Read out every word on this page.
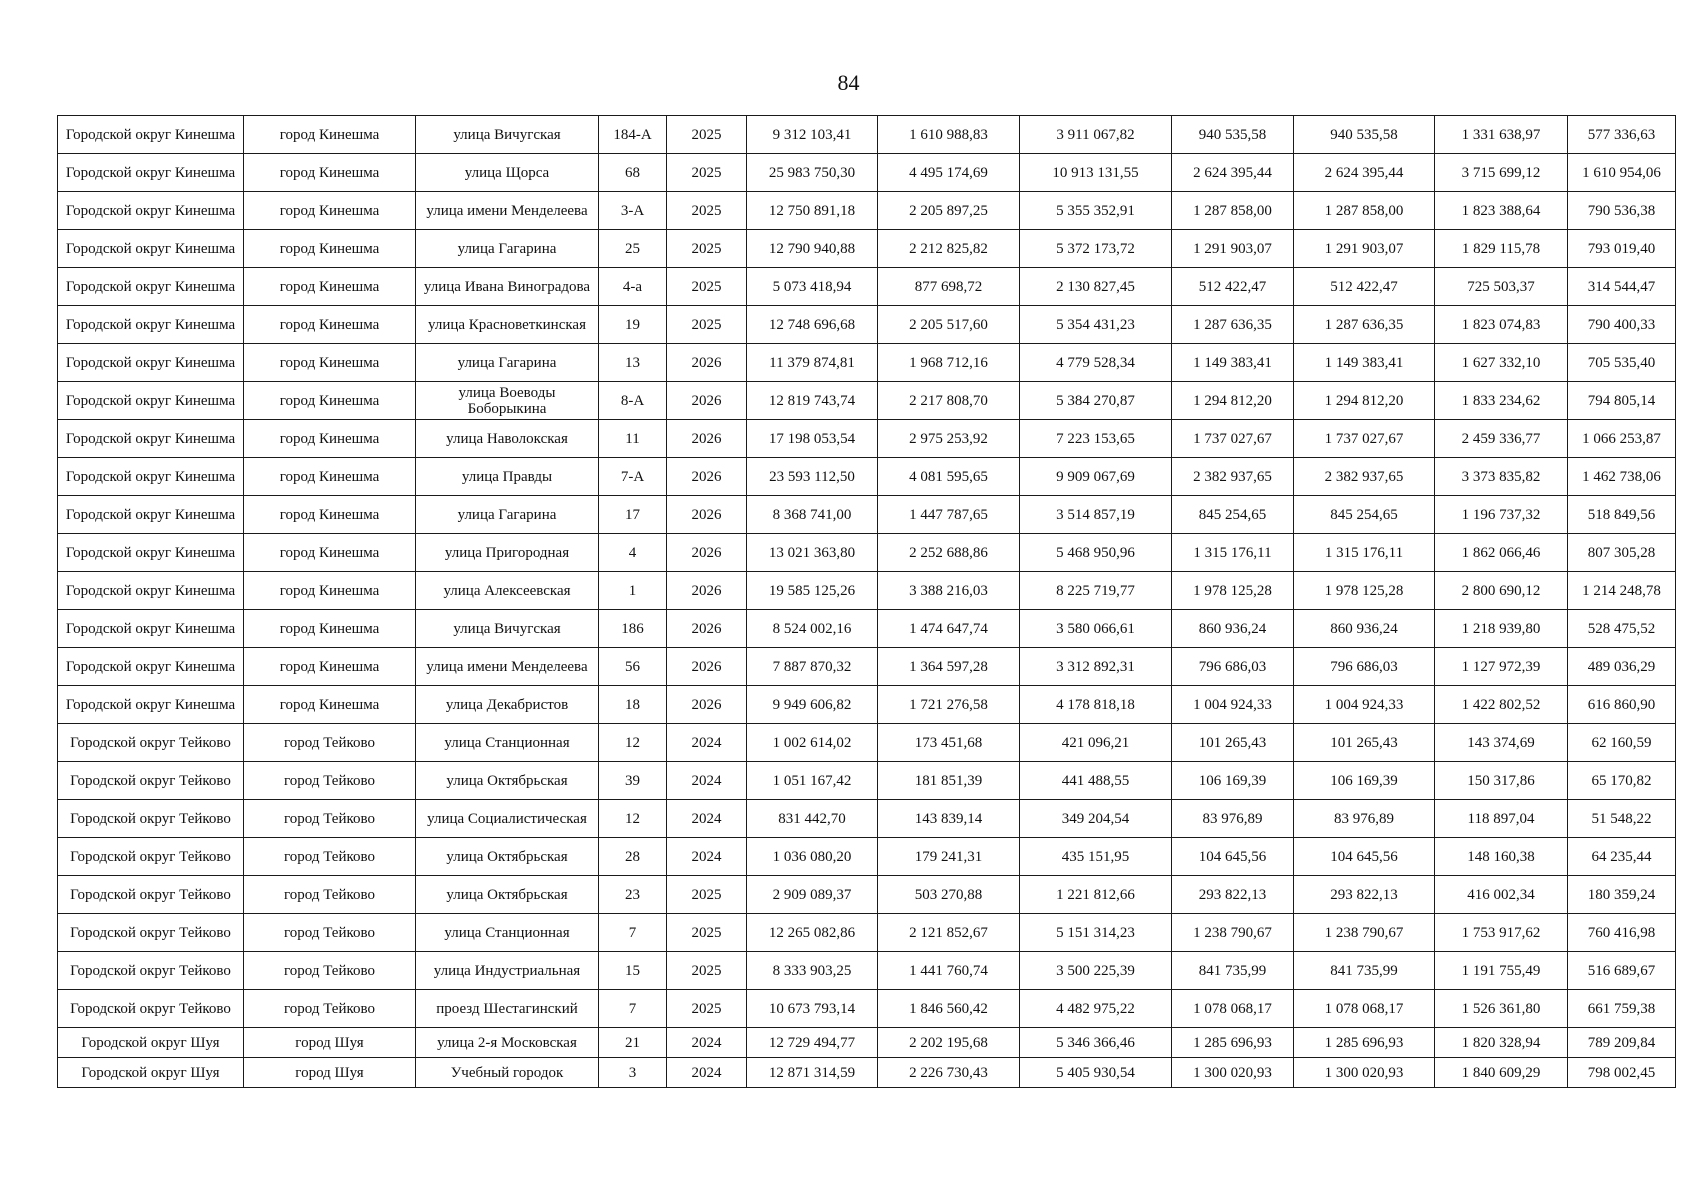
84
Городской округ Кинешма	город Кинешма	улица Вичугская	184-А	2025	9 312 103,41	1 610 988,83	3 911 067,82	940 535,58	940 535,58	1 331 638,97	577 336,63
Городской округ Кинешма	город Кинешма	улица Щорса	68	2025	25 983 750,30	4 495 174,69	10 913 131,55	2 624 395,44	2 624 395,44	3 715 699,12	1 610 954,06
Городской округ Кинешма	город Кинешма	улица имени Менделеева	3-А	2025	12 750 891,18	2 205 897,25	5 355 352,91	1 287 858,00	1 287 858,00	1 823 388,64	790 536,38
Городской округ Кинешма	город Кинешма	улица Гагарина	25	2025	12 790 940,88	2 212 825,82	5 372 173,72	1 291 903,07	1 291 903,07	1 829 115,78	793 019,40
Городской округ Кинешма	город Кинешма	улица Ивана Виноградова	4-а	2025	5 073 418,94	877 698,72	2 130 827,45	512 422,47	512 422,47	725 503,37	314 544,47
Городской округ Кинешма	город Кинешма	улица Красноветкинская	19	2025	12 748 696,68	2 205 517,60	5 354 431,23	1 287 636,35	1 287 636,35	1 823 074,83	790 400,33
Городской округ Кинешма	город Кинешма	улица Гагарина	13	2026	11 379 874,81	1 968 712,16	4 779 528,34	1 149 383,41	1 149 383,41	1 627 332,10	705 535,40
Городской округ Кинешма	город Кинешма	улица Воеводы Боборыкина	8-А	2026	12 819 743,74	2 217 808,70	5 384 270,87	1 294 812,20	1 294 812,20	1 833 234,62	794 805,14
Городской округ Кинешма	город Кинешма	улица Наволокская	11	2026	17 198 053,54	2 975 253,92	7 223 153,65	1 737 027,67	1 737 027,67	2 459 336,77	1 066 253,87
Городской округ Кинешма	город Кинешма	улица Правды	7-А	2026	23 593 112,50	4 081 595,65	9 909 067,69	2 382 937,65	2 382 937,65	3 373 835,82	1 462 738,06
Городской округ Кинешма	город Кинешма	улица Гагарина	17	2026	8 368 741,00	1 447 787,65	3 514 857,19	845 254,65	845 254,65	1 196 737,32	518 849,56
Городской округ Кинешма	город Кинешма	улица Пригородная	4	2026	13 021 363,80	2 252 688,86	5 468 950,96	1 315 176,11	1 315 176,11	1 862 066,46	807 305,28
Городской округ Кинешма	город Кинешма	улица Алексеевская	1	2026	19 585 125,26	3 388 216,03	8 225 719,77	1 978 125,28	1 978 125,28	2 800 690,12	1 214 248,78
Городской округ Кинешма	город Кинешма	улица Вичугская	186	2026	8 524 002,16	1 474 647,74	3 580 066,61	860 936,24	860 936,24	1 218 939,80	528 475,52
Городской округ Кинешма	город Кинешма	улица имени Менделеева	56	2026	7 887 870,32	1 364 597,28	3 312 892,31	796 686,03	796 686,03	1 127 972,39	489 036,29
Городской округ Кинешма	город Кинешма	улица Декабристов	18	2026	9 949 606,82	1 721 276,58	4 178 818,18	1 004 924,33	1 004 924,33	1 422 802,52	616 860,90
Городской округ Тейково	город Тейково	улица Станционная	12	2024	1 002 614,02	173 451,68	421 096,21	101 265,43	101 265,43	143 374,69	62 160,59
Городской округ Тейково	город Тейково	улица Октябрьская	39	2024	1 051 167,42	181 851,39	441 488,55	106 169,39	106 169,39	150 317,86	65 170,82
Городской округ Тейково	город Тейково	улица Социалистическая	12	2024	831 442,70	143 839,14	349 204,54	83 976,89	83 976,89	118 897,04	51 548,22
Городской округ Тейково	город Тейково	улица Октябрьская	28	2024	1 036 080,20	179 241,31	435 151,95	104 645,56	104 645,56	148 160,38	64 235,44
Городской округ Тейково	город Тейково	улица Октябрьская	23	2025	2 909 089,37	503 270,88	1 221 812,66	293 822,13	293 822,13	416 002,34	180 359,24
Городской округ Тейково	город Тейково	улица Станционная	7	2025	12 265 082,86	2 121 852,67	5 151 314,23	1 238 790,67	1 238 790,67	1 753 917,62	760 416,98
Городской округ Тейково	город Тейково	улица Индустриальная	15	2025	8 333 903,25	1 441 760,74	3 500 225,39	841 735,99	841 735,99	1 191 755,49	516 689,67
Городской округ Тейково	город Тейково	проезд Шестагинский	7	2025	10 673 793,14	1 846 560,42	4 482 975,22	1 078 068,17	1 078 068,17	1 526 361,80	661 759,38
Городской округ Шуя	город Шуя	улица 2-я Московская	21	2024	12 729 494,77	2 202 195,68	5 346 366,46	1 285 696,93	1 285 696,93	1 820 328,94	789 209,84
Городской округ Шуя	город Шуя	Учебный городок	3	2024	12 871 314,59	2 226 730,43	5 405 930,54	1 300 020,93	1 300 020,93	1 840 609,29	798 002,45
